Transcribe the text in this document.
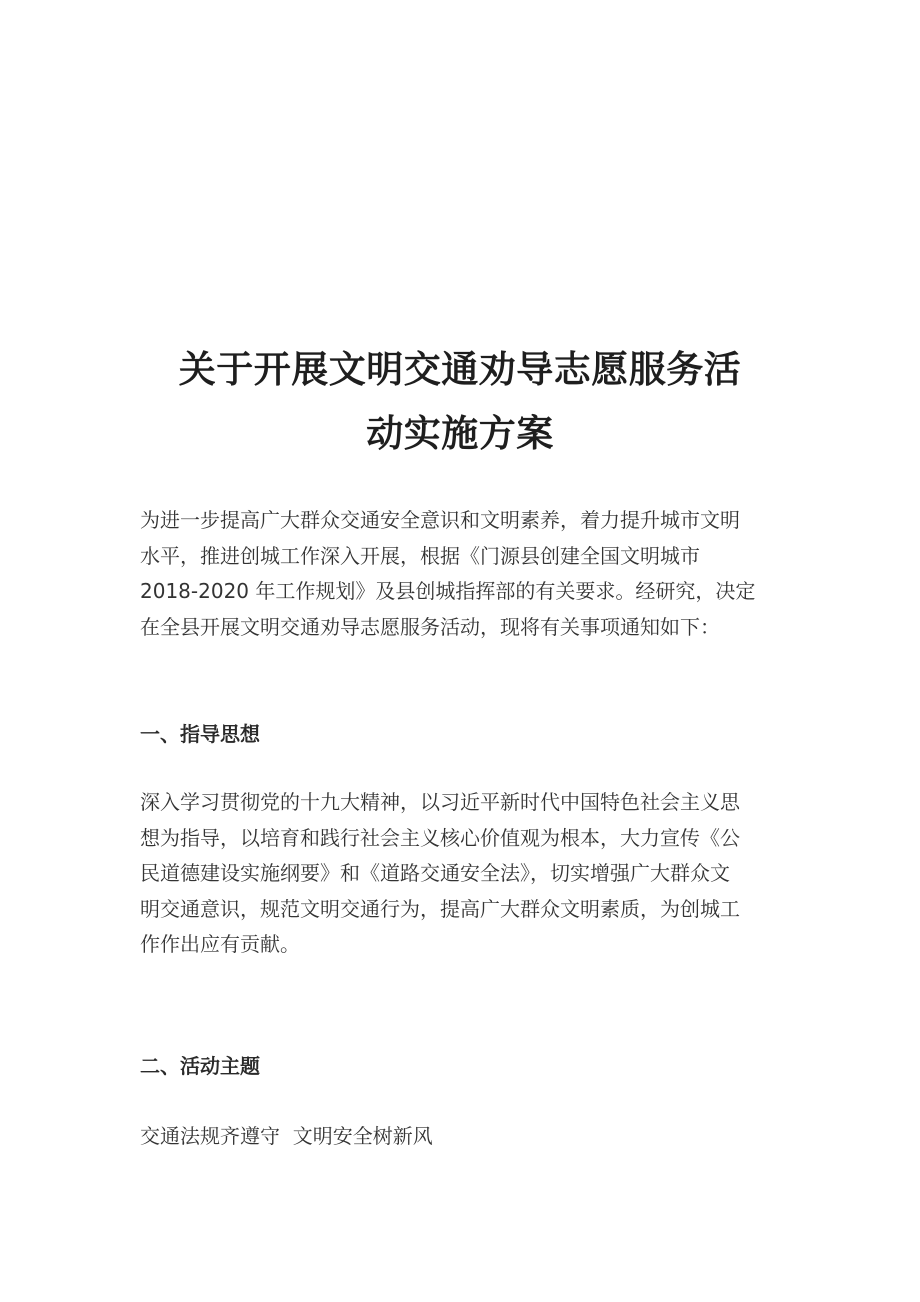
关于开展文明交通劝导志愿服务活
动实施方案
为进一步提高广大群众交通安全意识和文明素养，着力提升城市文明
水平，推进创城工作深入开展，根据《门源县创建全国文明城市
2018-2020 年工作规划》及县创城指挥部的有关要求。经研究，决定
在全县开展文明交通劝导志愿服务活动，现将有关事项通知如下：
一、指导思想
深入学习贯彻党的十九大精神，以习近平新时代中国特色社会主义思
想为指导，以培育和践行社会主义核心价值观为根本，大力宣传《公
民道德建设实施纲要》和《道路交通安全法》，切实增强广大群众文
明交通意识，规范文明交通行为，提高广大群众文明素质，为创城工
作作出应有贡献。
二、活动主题
交通法规齐遵守  文明安全树新风
